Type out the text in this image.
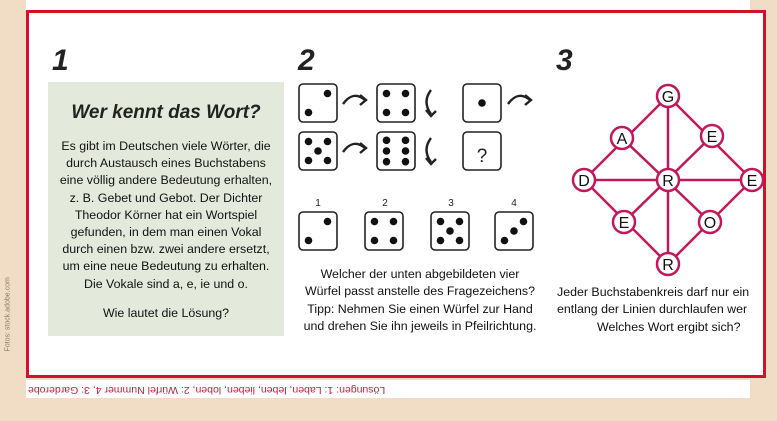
Fotos: stock.adobe.com
1
Wer kennt das Wort?
Es gibt im Deutschen viele Wörter, die
durch Austausch eines Buchstabens
eine völlig andere Bedeutung erhalten,
z. B. Gebet und Gebot. Der Dichter
Theodor Körner hat ein Wortspiel
gefunden, in dem man einen Vokal
durch einen bzw. zwei andere ersetzt,
um eine neue Bedeutung zu erhalten.
Die Vokale sind a, e, ie und o.
Wie lautet die Lösung?
2
?
1	2	3	4
Welcher der unten abgebildeten vier
Würfel passt anstelle des Fragezeichens?
Tipp: Nehmen Sie einen Würfel zur Hand
und drehen Sie ihn jeweils in Pfeilrichtung.
3
G
A	E
D	R	E
E	O
R
Jeder Buchstabenkreis darf nur ein
entlang der Linien durchlaufen wer
Welches Wort ergibt sich?
Lösungen: 1: Laben, leben, lieben, loben, 2: Würfel Nummer 4, 3: Garderobe
